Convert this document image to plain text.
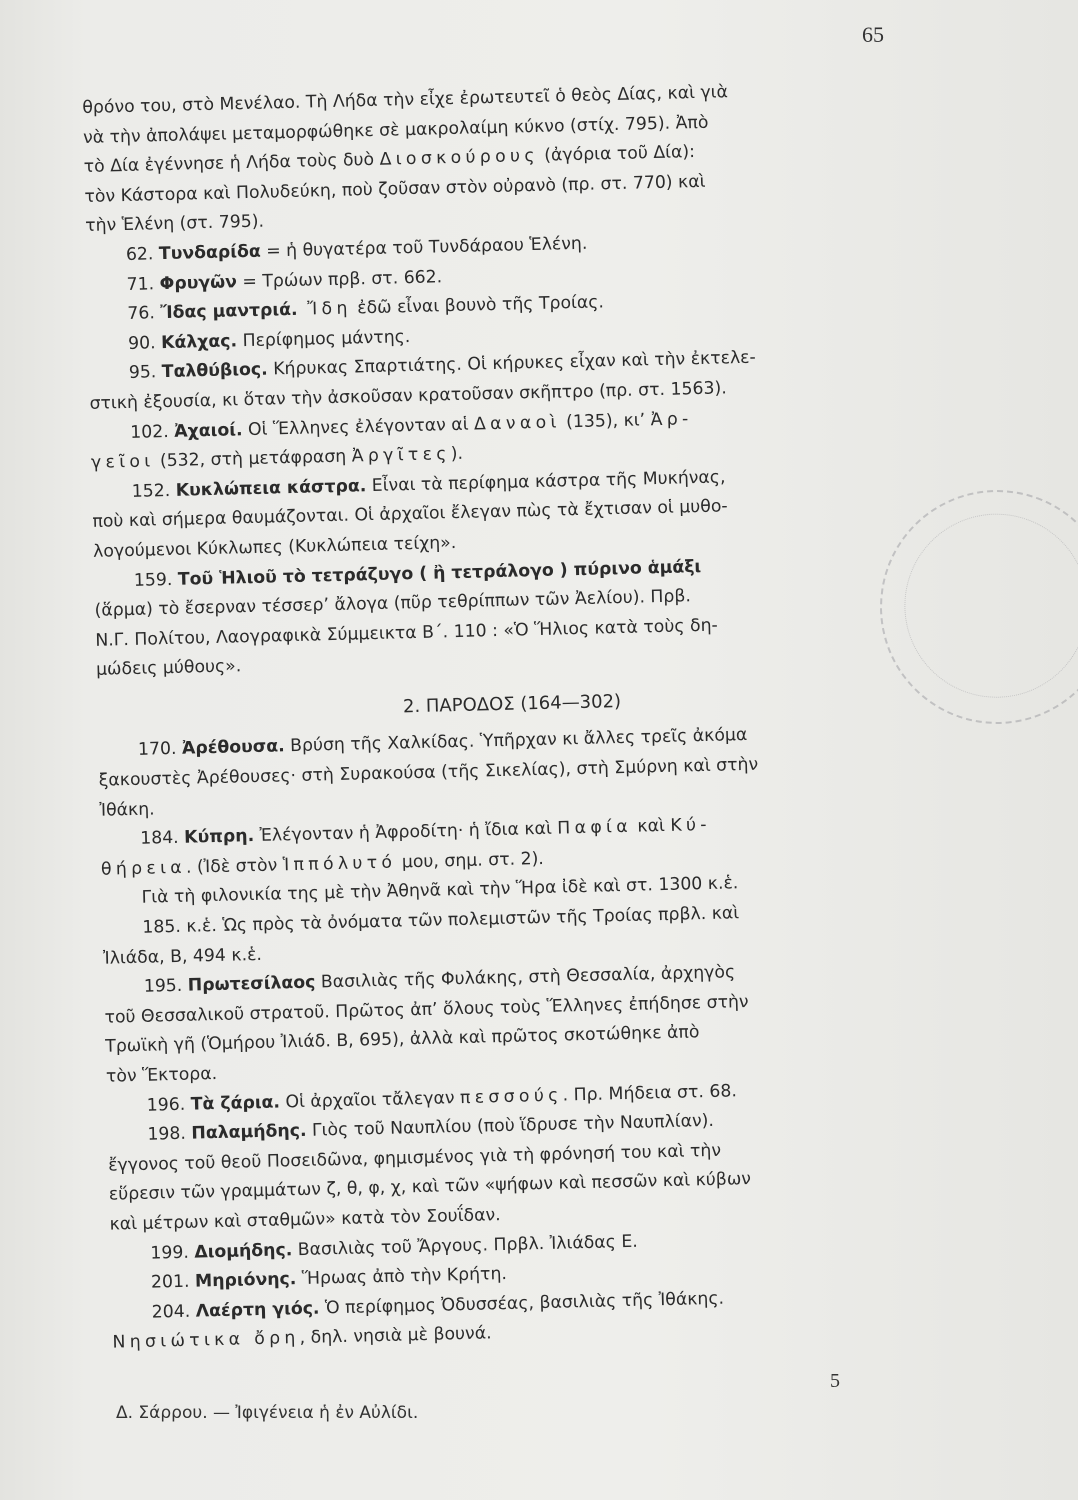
65
θρόνο του, στὸ Μενέλαο. Τὴ Λήδα τὴν εἶχε ἐρωτευτεῖ ὁ θεὸς Δίας, καὶ γιὰ
νὰ τὴν ἀπολάψει μεταμορφώθηκε σὲ μακρολαίμη κύκνο (στίχ. 795). Ἀπὸ
τὸ Δία ἐγέννησε ἡ Λήδα τοὺς δυὸ Διοσκούρους (ἀγόρια τοῦ Δία):
τὸν Κάστορα καὶ Πολυδεύκη, ποὺ ζοῦσαν στὸν οὐρανὸ (πρ. στ. 770) καὶ
τὴν Ἑλένη (στ. 795).
62. Τυνδαρίδα = ἡ θυγατέρα τοῦ Τυνδάραου Ἑλένη.
71. Φρυγῶν = Τρώων πρβ. στ. 662.
76. Ἴδας μαντριά. Ἴδη ἐδῶ εἶναι βουνὸ τῆς Τροίας.
90. Κάλχας. Περίφημος μάντης.
95. Ταλθύβιος. Κήρυκας Σπαρτιάτης. Οἱ κήρυκες εἶχαν καὶ τὴν ἐκτελε-
στικὴ ἐξουσία, κι ὅταν τὴν ἀσκοῦσαν κρατοῦσαν σκῆπτρο (πρ. στ. 1563).
102. Ἀχαιοί. Οἱ Ἕλληνες ἐλέγονταν αἱ Δαναοὶ (135), κι’ Ἀρ-
γεῖοι (532, στὴ μετάφραση Ἀργῖτες).
152. Κυκλώπεια κάστρα. Εἶναι τὰ περίφημα κάστρα τῆς Μυκήνας,
ποὺ καὶ σήμερα θαυμάζονται. Οἱ ἀρχαῖοι ἔλεγαν πὼς τὰ ἔχτισαν οἱ μυθο-
λογούμενοι Κύκλωπες (Κυκλώπεια τείχη».
159. Τοῦ Ἡλιοῦ τὸ τετράζυγο ( ἢ τετράλογο ) πύρινο ἁμάξι
(ἅρμα) τὸ ἔσερναν τέσσερ’ ἄλογα (πῦρ τεθρίππων τῶν Ἀελίου). Πρβ.
Ν.Γ. Πολίτου, Λαογραφικὰ Σύμμεικτα Β΄. 110 : «Ὁ Ἥλιος κατὰ τοὺς δη-
μώδεις μύθους».
2. ΠΑΡΟΔΟΣ (164—302)
170. Ἀρέθουσα. Βρύση τῆς Χαλκίδας. Ὑπῆρχαν κι ἄλλες τρεῖς ἀκόμα
ξακουστὲς Ἀρέθουσες· στὴ Συρακούσα (τῆς Σικελίας), στὴ Σμύρνη καὶ στὴν
Ἰθάκη.
184. Κύπρη. Ἐλέγονταν ἡ Ἀφροδίτη· ἡ ἴδια καὶ Παφία καὶ Κύ-
θήρεια. (Ἰδὲ στὸν Ἱππόλυτό μου, σημ. στ. 2).
Γιὰ τὴ φιλονικία της μὲ τὴν Ἀθηνᾶ καὶ τὴν Ἥρα ἰδὲ καὶ στ. 1300 κ.ἑ.
185. κ.ἑ. Ὡς πρὸς τὰ ὀνόματα τῶν πολεμιστῶν τῆς Τροίας πρβλ. καὶ
Ἰλιάδα, Β, 494 κ.ἑ.
195. Πρωτεσίλαος Βασιλιὰς τῆς Φυλάκης, στὴ Θεσσαλία, ἀρχηγὸς
τοῦ Θεσσαλικοῦ στρατοῦ. Πρῶτος ἀπ’ ὅλους τοὺς Ἕλληνες ἐπήδησε στὴν
Τρωϊκὴ γῆ (Ὁμήρου Ἰλιάδ. Β, 695), ἀλλὰ καὶ πρῶτος σκοτώθηκε ἀπὸ
τὸν Ἕκτορα.
196. Τὰ ζάρια. Οἱ ἀρχαῖοι τἄλεγαν πεσσούς. Πρ. Μήδεια στ. 68.
198. Παλαμήδης. Γιὸς τοῦ Ναυπλίου (ποὺ ἵδρυσε τὴν Ναυπλίαν).
ἔγγονος τοῦ θεοῦ Ποσειδῶνα, φημισμένος γιὰ τὴ φρόνησή του καὶ τὴν
εὕρεσιν τῶν γραμμάτων ζ, θ, φ, χ, καὶ τῶν «ψήφων καὶ πεσσῶν καὶ κύβων
καὶ μέτρων καὶ σταθμῶν» κατὰ τὸν Σουΐδαν.
199. Διομήδης. Βασιλιὰς τοῦ Ἄργους. Πρβλ. Ἰλιάδας Ε.
201. Μηριόνης. Ἥρωας ἀπὸ τὴν Κρήτη.
204. Λαέρτη γιός. Ὁ περίφημος Ὀδυσσέας, βασιλιὰς τῆς Ἰθάκης.
Νησιώτικα ὄρη, δηλ. νησιὰ μὲ βουνά.
5
Δ. Σάρρου. — Ἰφιγένεια ἡ ἐν Αὐλίδι.
